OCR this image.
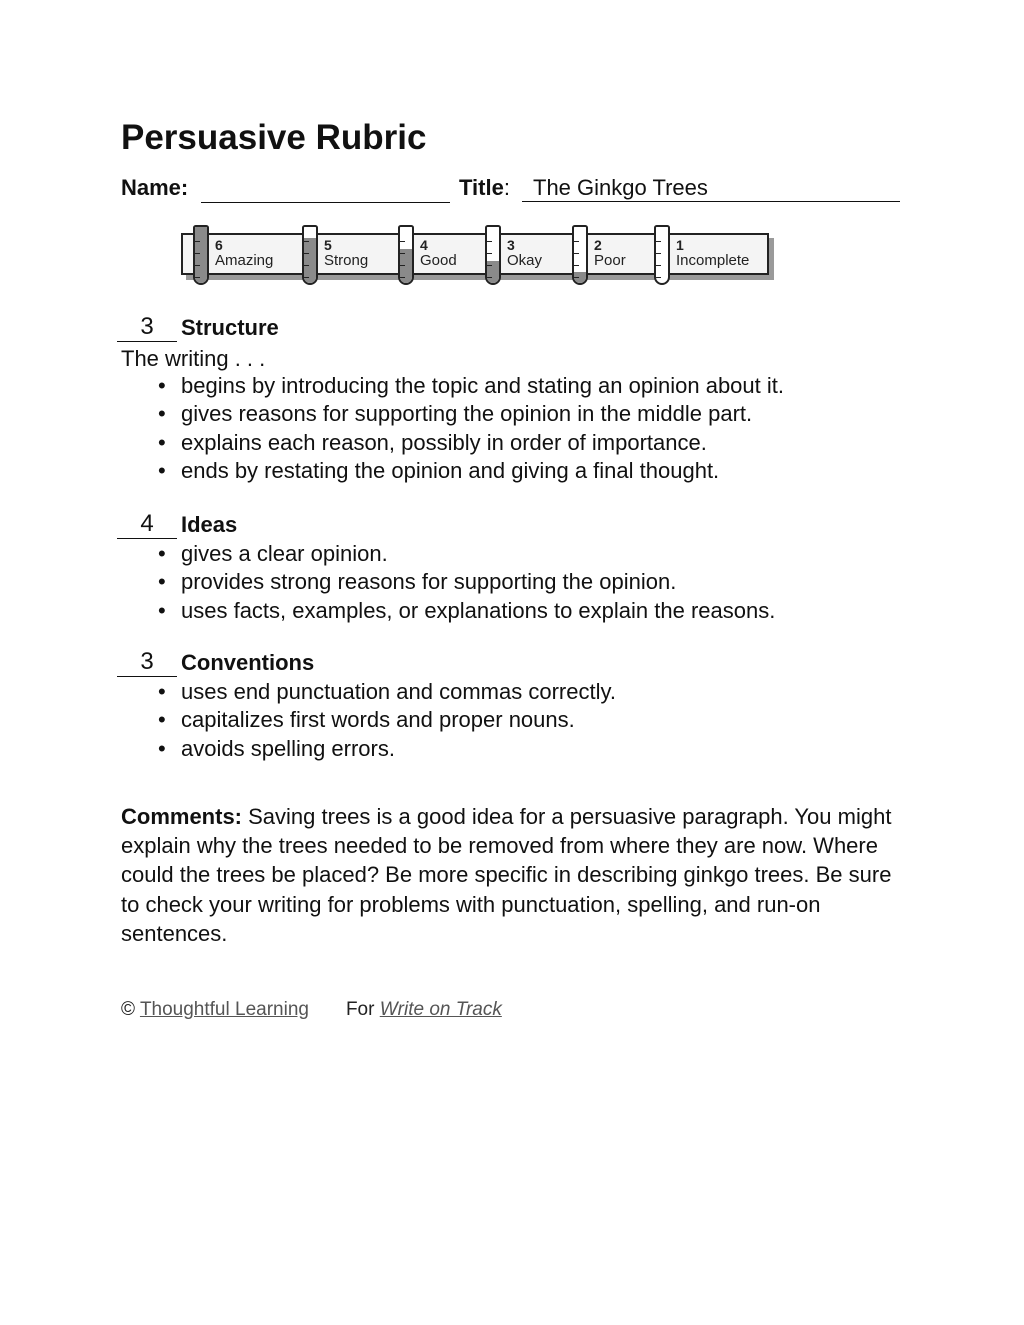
Persuasive Rubric
Name:	Title:	The Ginkgo Trees
6
Amazing
5
Strong
4
Good
3
Okay
2
Poor
1
Incomplete
3	Structure
The writing . . .
• begins by introducing the topic and stating an opinion about it.
• gives reasons for supporting the opinion in the middle part.
• explains each reason, possibly in order of importance.
• ends by restating the opinion and giving a final thought.
4	Ideas
• gives a clear opinion.
• provides strong reasons for supporting the opinion.
• uses facts, examples, or explanations to explain the reasons.
3	Conventions
• uses end punctuation and commas correctly.
• capitalizes first words and proper nouns.
• avoids spelling errors.

Comments: Saving trees is a good idea for a persuasive paragraph. You might explain why the trees needed to be removed from where they are now. Where could the trees be placed? Be more specific in describing ginkgo trees. Be sure to check your writing for problems with punctuation, spelling, and run-on sentences.

© Thoughtful Learning For Write on Track
